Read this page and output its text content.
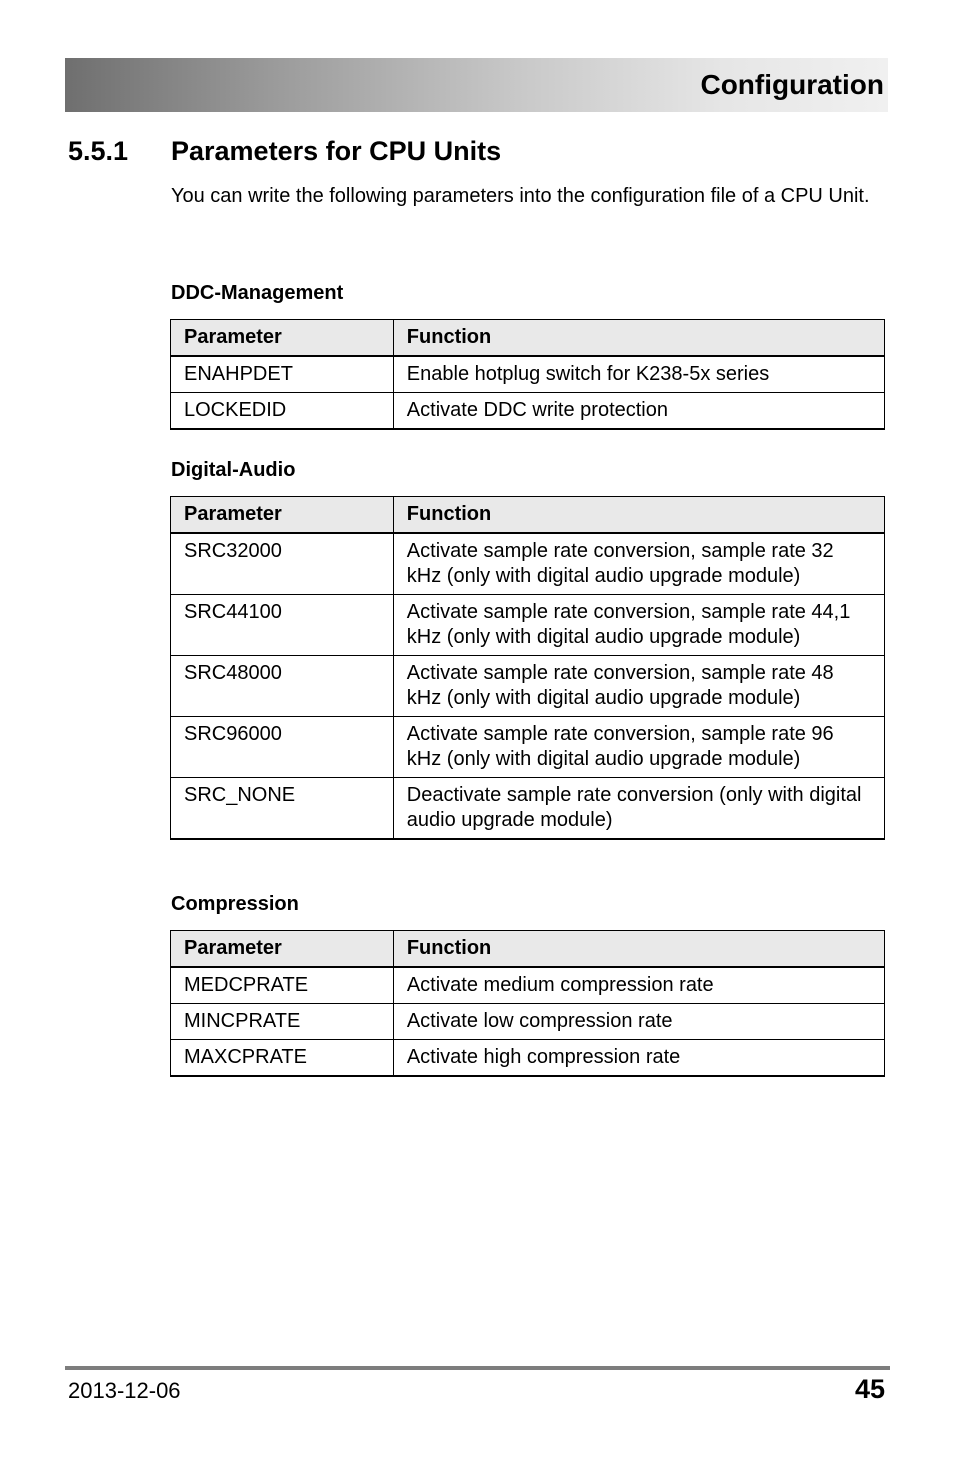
Configuration
5.5.1 Parameters for CPU Units
You can write the following parameters into the configuration file of a CPU Unit.
DDC-Management
Parameter	Function
ENAHPDET	Enable hotplug switch for K238-5x series
LOCKEDID	Activate DDC write protection
Digital-Audio
Parameter	Function
SRC32000	Activate sample rate conversion, sample rate 32 kHz (only with digital audio upgrade module)
SRC44100	Activate sample rate conversion, sample rate 44,1 kHz (only with digital audio upgrade module)
SRC48000	Activate sample rate conversion, sample rate 48 kHz (only with digital audio upgrade module)
SRC96000	Activate sample rate conversion, sample rate 96 kHz (only with digital audio upgrade module)
SRC_NONE	Deactivate sample rate conversion (only with digital audio upgrade module)
Compression
Parameter	Function
MEDCPRATE	Activate medium compression rate
MINCPRATE	Activate low compression rate
MAXCPRATE	Activate high compression rate
2013-12-06	45
